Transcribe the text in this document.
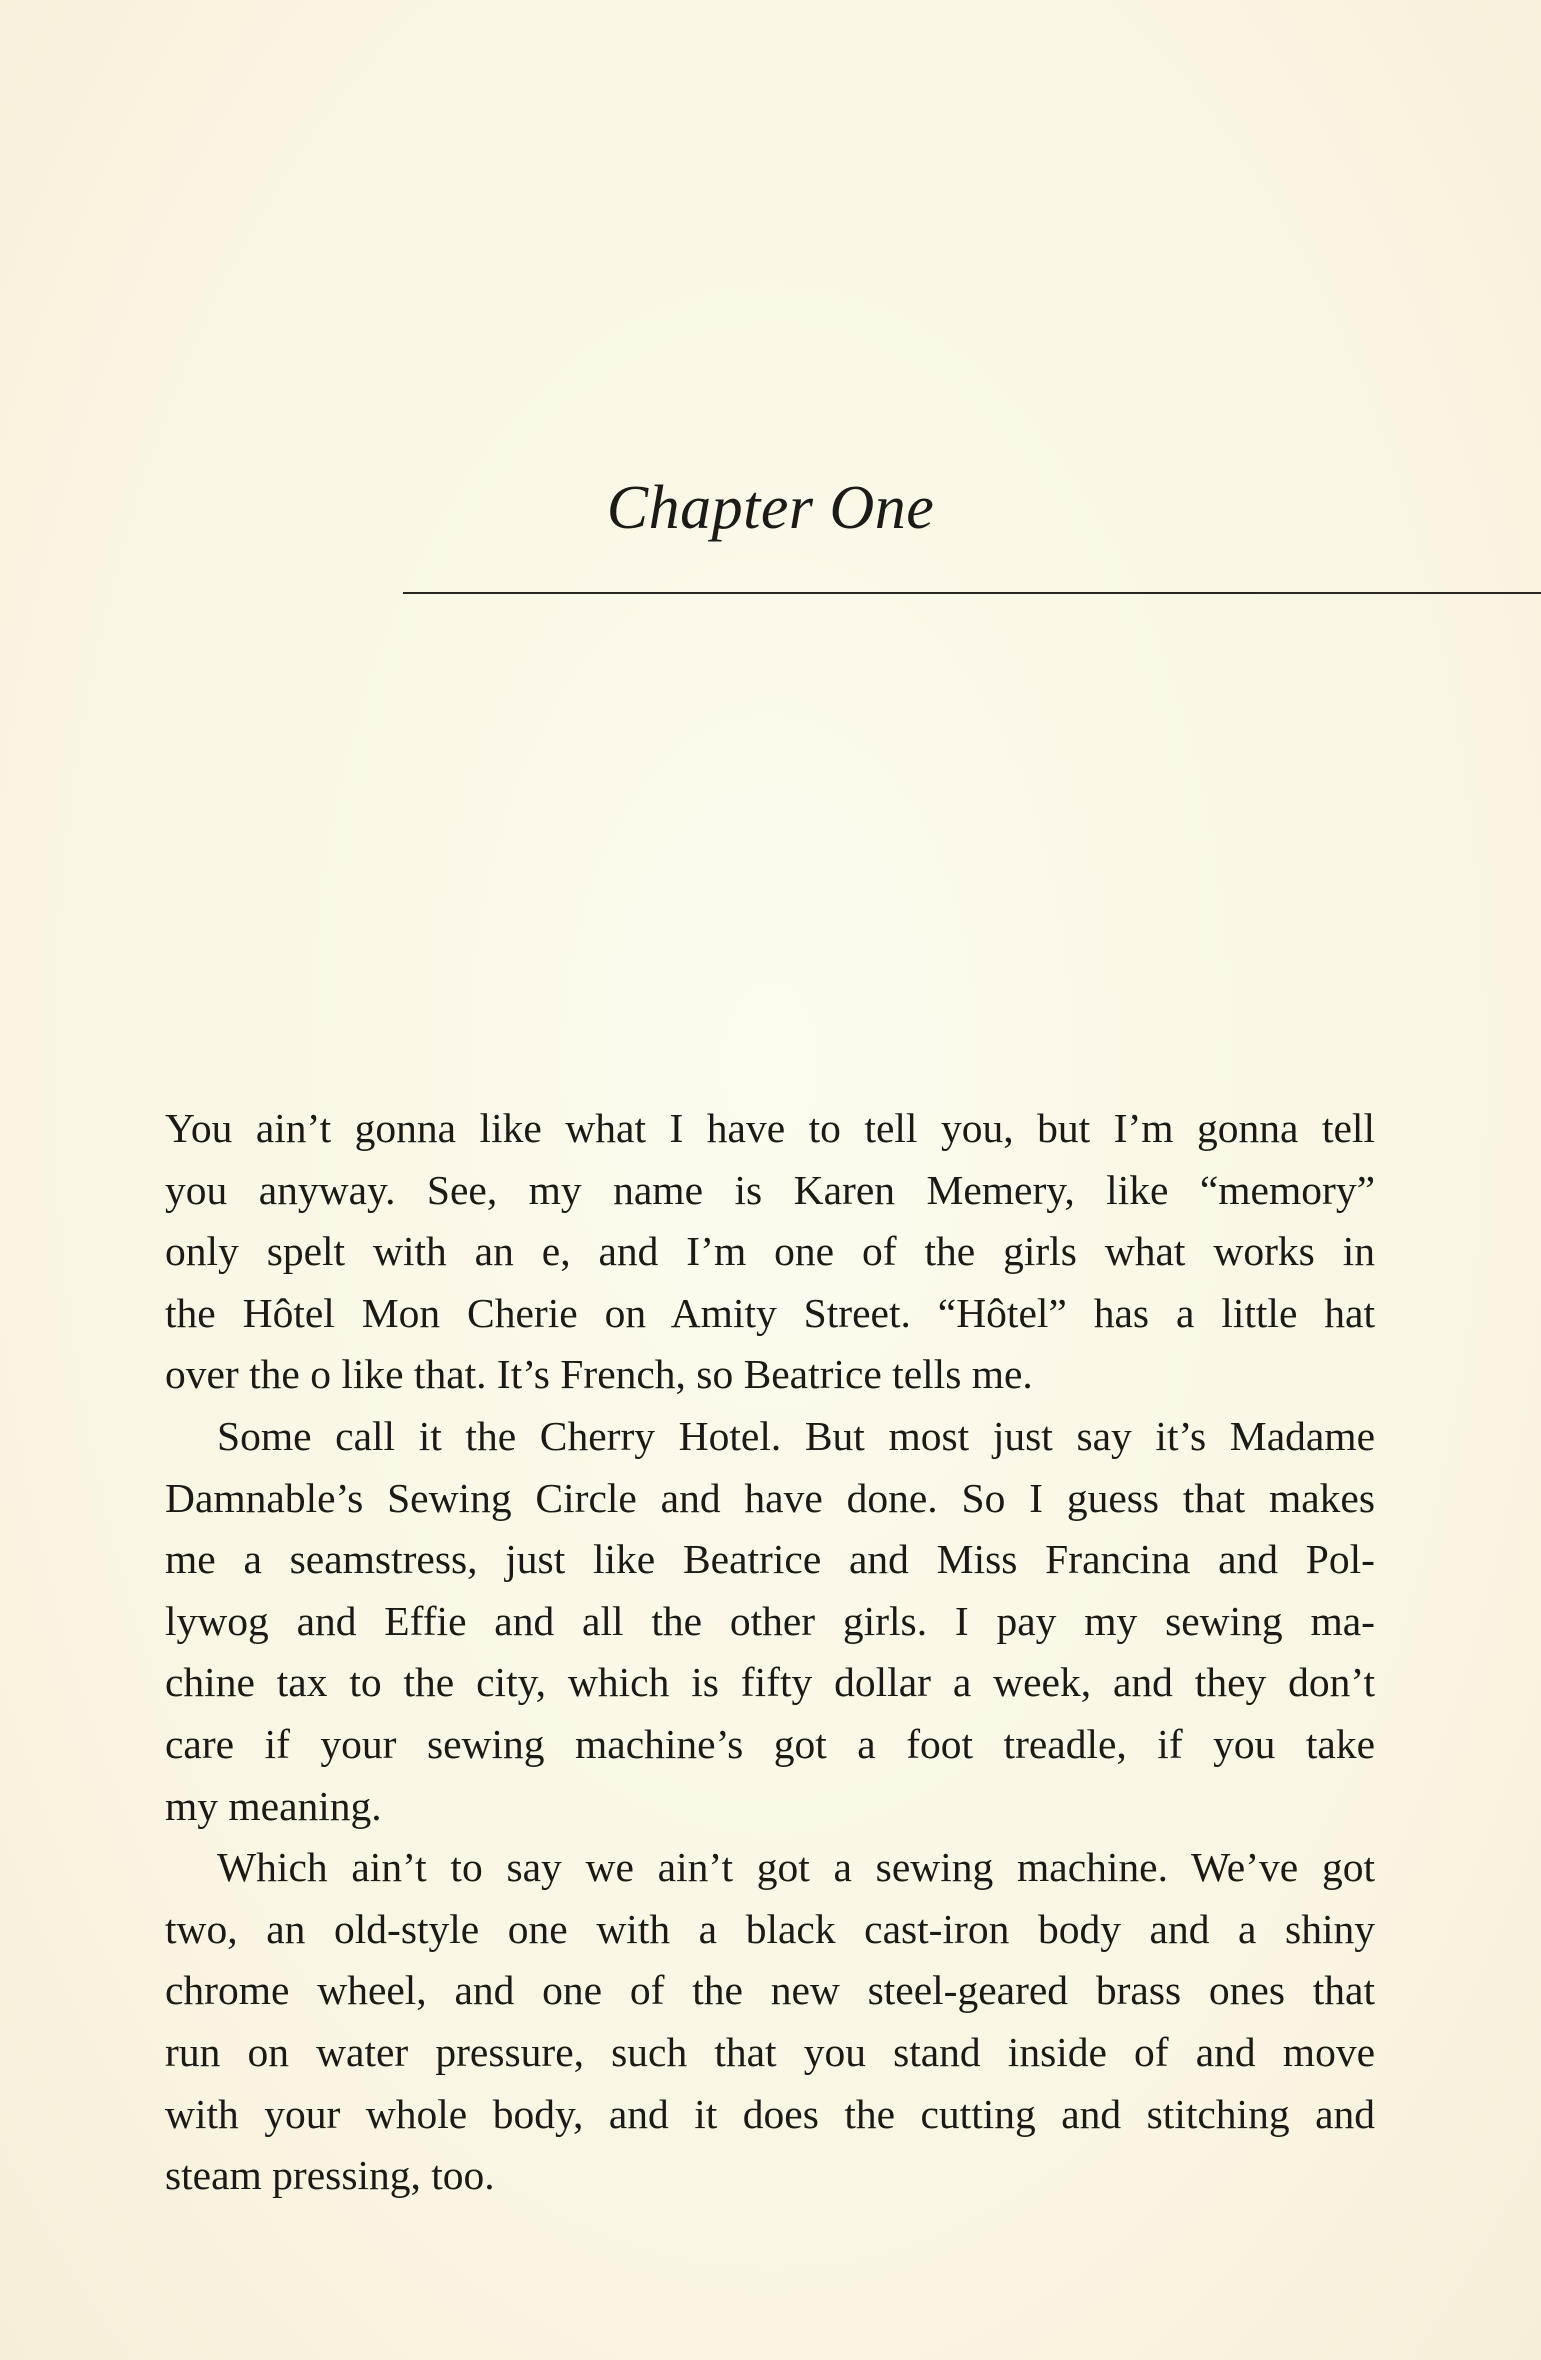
Chapter One
You ain’t gonna like what I have to tell you, but I’m gonna tell
you anyway. See, my name is Karen Memery, like “memory”
only spelt with an e, and I’m one of the girls what works in
the Hôtel Mon Cherie on Amity Street. “Hôtel” has a little hat
over the o like that. It’s French, so Beatrice tells me.
Some call it the Cherry Hotel. But most just say it’s Madame
Damnable’s Sewing Circle and have done. So I guess that makes
me a seamstress, just like Beatrice and Miss Francina and Pol-
lywog and Effie and all the other girls. I pay my sewing ma-
chine tax to the city, which is fifty dollar a week, and they don’t
care if your sewing machine’s got a foot treadle, if you take
my meaning.
Which ain’t to say we ain’t got a sewing machine. We’ve got
two, an old-style one with a black cast-iron body and a shiny
chrome wheel, and one of the new steel-geared brass ones that
run on water pressure, such that you stand inside of and move
with your whole body, and it does the cutting and stitching and
steam pressing, too.
